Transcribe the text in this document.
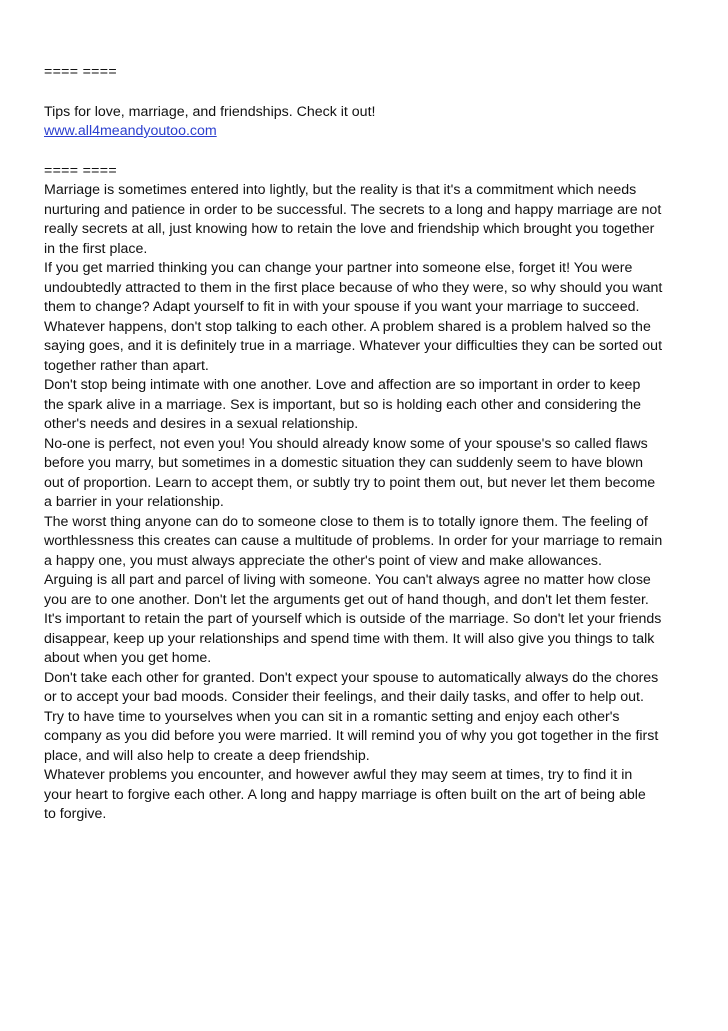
==== ====
Tips for love, marriage, and friendships. Check it out!
www.all4meandyoutoo.com
==== ====

Marriage is sometimes entered into lightly, but the reality is that it's a commitment which needs

nurturing and patience in order to be successful. The secrets to a long and happy marriage are not

really secrets at all, just knowing how to retain the love and friendship which brought you together

in the first place.

If you get married thinking you can change your partner into someone else, forget it! You were

undoubtedly attracted to them in the first place because of who they were, so why should you want

them to change? Adapt yourself to fit in with your spouse if you want your marriage to succeed.

Whatever happens, don't stop talking to each other. A problem shared is a problem halved so the

saying goes, and it is definitely true in a marriage. Whatever your difficulties they can be sorted out

together rather than apart.

Don't stop being intimate with one another. Love and affection are so important in order to keep

the spark alive in a marriage. Sex is important, but so is holding each other and considering the

other's needs and desires in a sexual relationship.

No-one is perfect, not even you! You should already know some of your spouse's so called flaws

before you marry, but sometimes in a domestic situation they can suddenly seem to have blown

out of proportion. Learn to accept them, or subtly try to point them out, but never let them become

a barrier in your relationship.

The worst thing anyone can do to someone close to them is to totally ignore them. The feeling of

worthlessness this creates can cause a multitude of problems. In order for your marriage to remain

a happy one, you must always appreciate the other's point of view and make allowances.

Arguing is all part and parcel of living with someone. You can't always agree no matter how close

you are to one another. Don't let the arguments get out of hand though, and don't let them fester.

It's important to retain the part of yourself which is outside of the marriage. So don't let your friends

disappear, keep up your relationships and spend time with them. It will also give you things to talk

about when you get home.

Don't take each other for granted. Don't expect your spouse to automatically always do the chores

or to accept your bad moods. Consider their feelings, and their daily tasks, and offer to help out.

Try to have time to yourselves when you can sit in a romantic setting and enjoy each other's

company as you did before you were married. It will remind you of why you got together in the first

place, and will also help to create a deep friendship.

Whatever problems you encounter, and however awful they may seem at times, try to find it in

your heart to forgive each other. A long and happy marriage is often built on the art of being able

to forgive.
